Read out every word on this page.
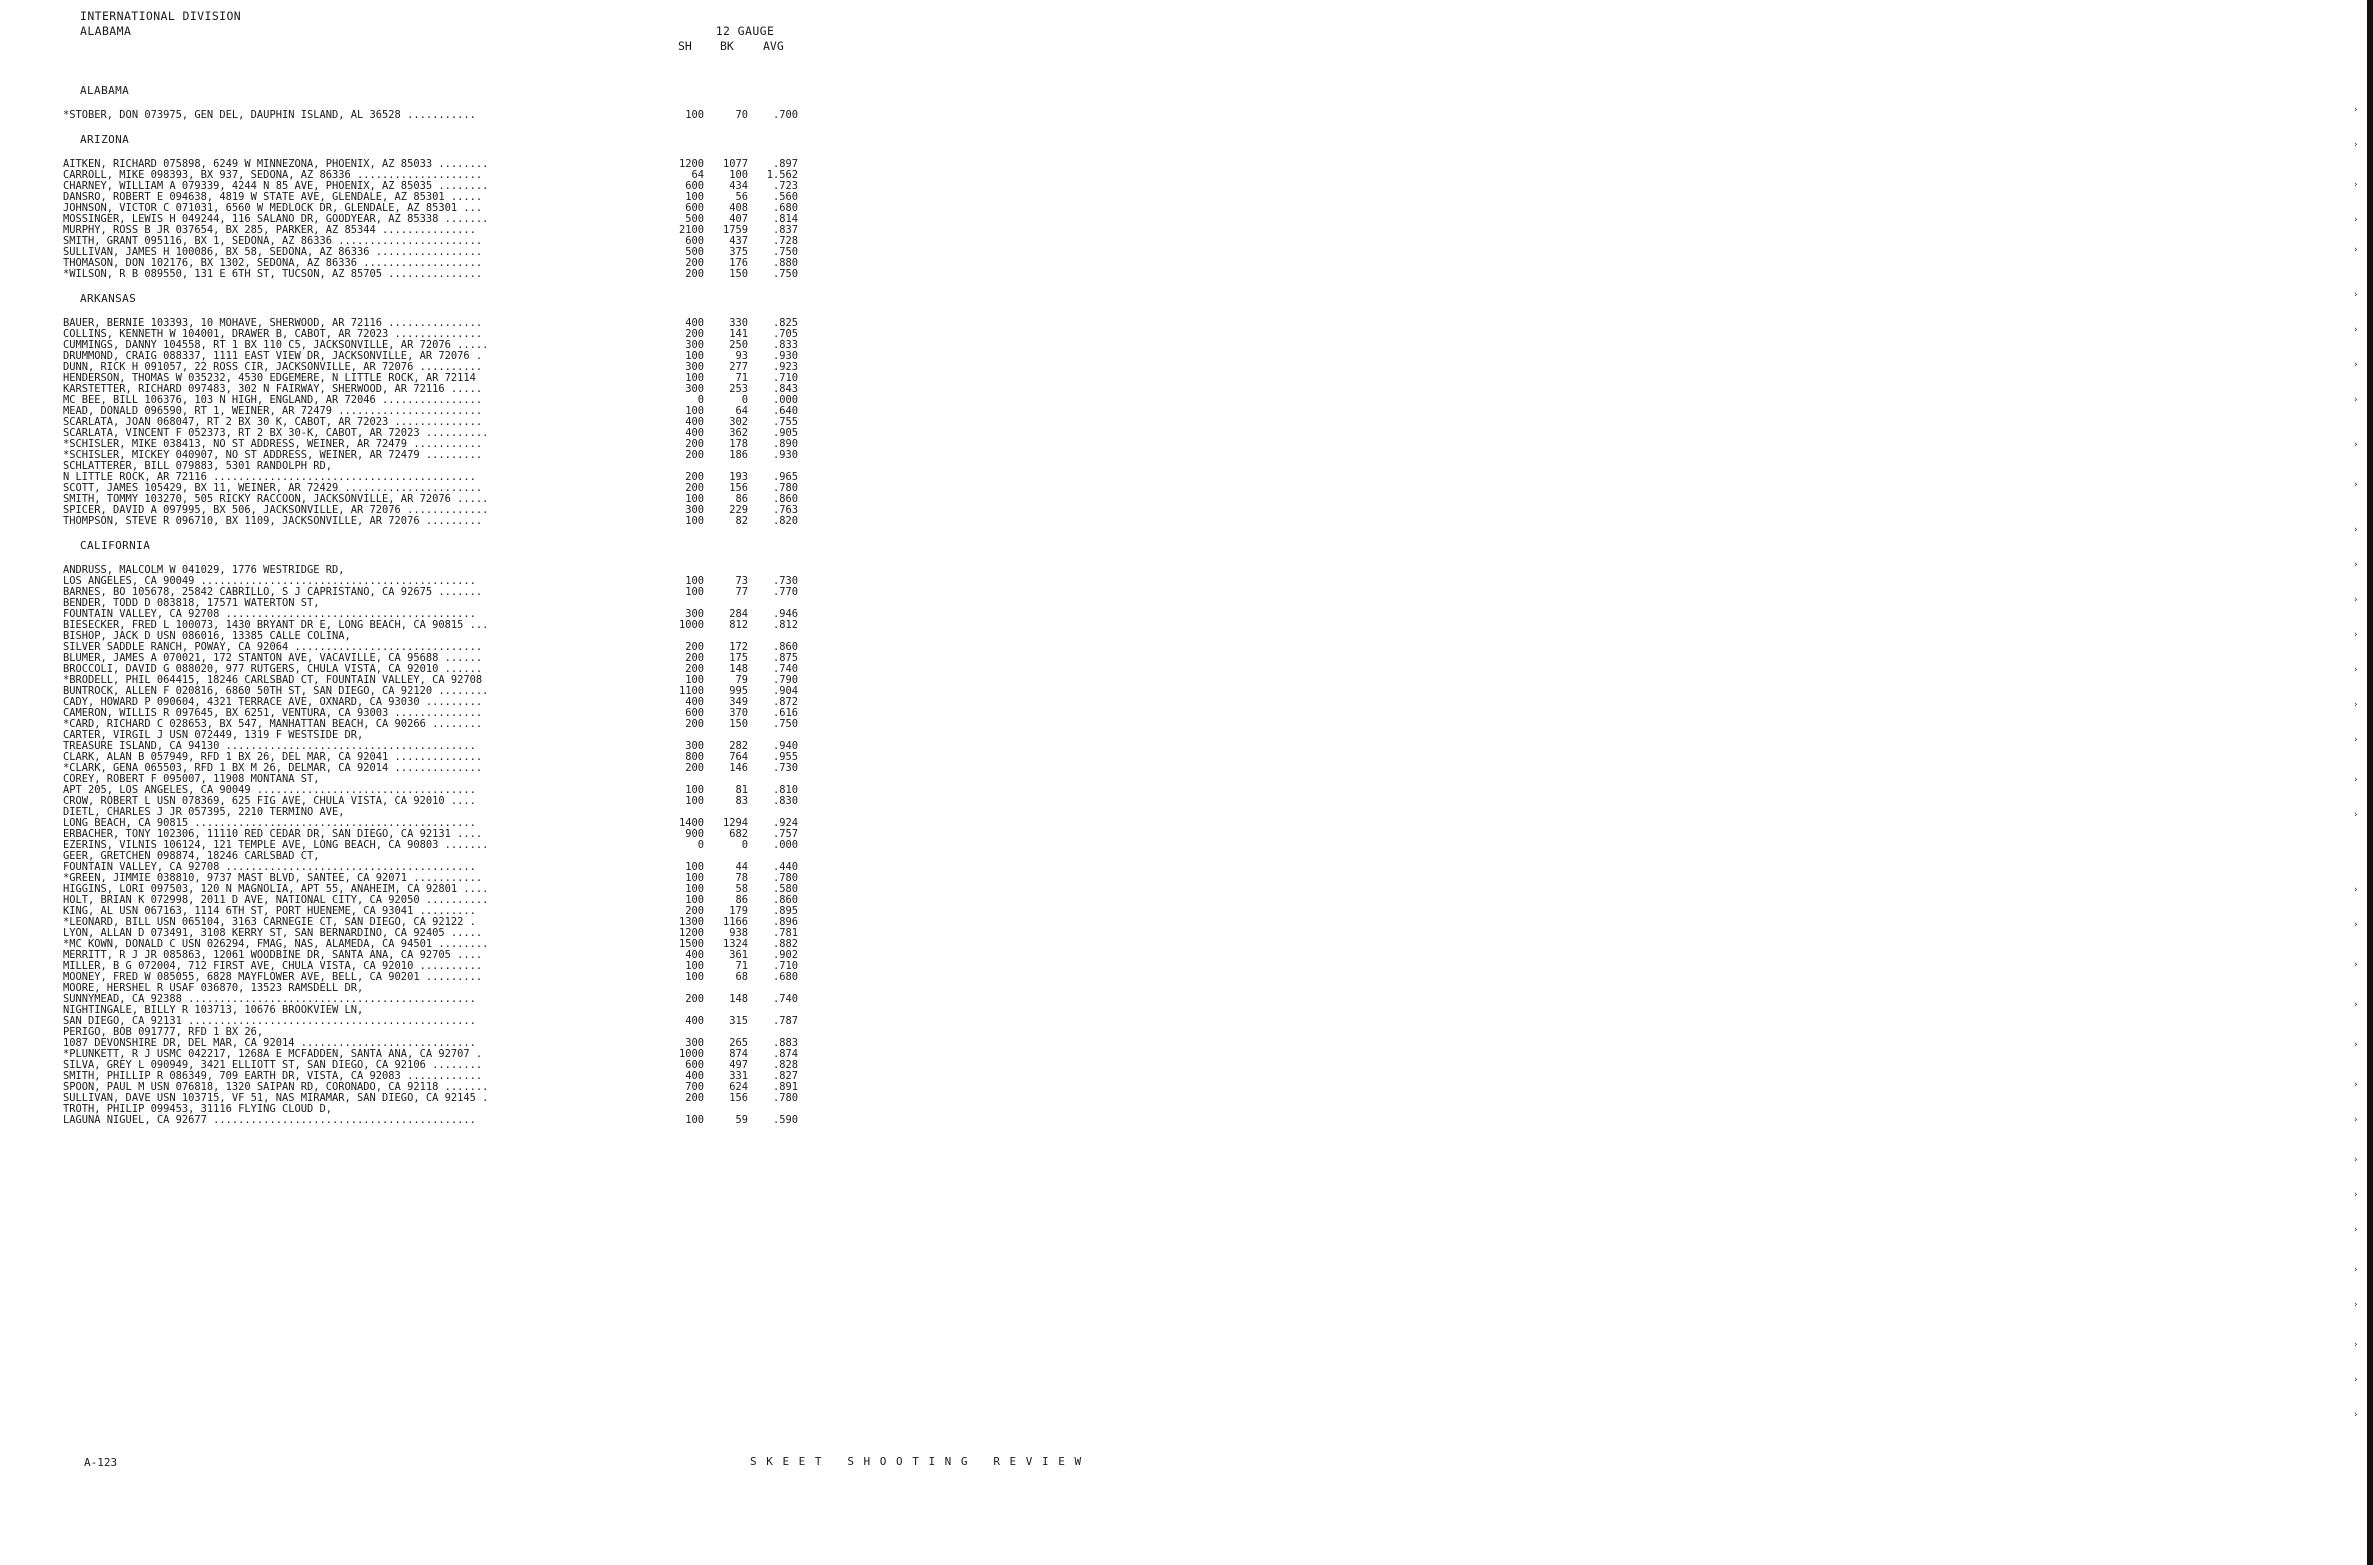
INTERNATIONAL DIVISION
ALABAMA	12 GAUGE
SH BK	AVG
ALABAMA
*STOBER, DON 073975, GEN DEL, DAUPHIN ISLAND, AL 36528 ...........	100	70	.700
ARIZONA
AITKEN, RICHARD 075898, 6249 W MINNEZONA, PHOENIX, AZ 85033 ........	1200	1077	.897
CARROLL, MIKE 098393, BX 937, SEDONA, AZ 86336 ....................	64	100	1.562
CHARNEY, WILLIAM A 079339, 4244 N 85 AVE, PHOENIX, AZ 85035 ........	600	434	.723
DANSRO, ROBERT E 094638, 4819 W STATE AVE, GLENDALE, AZ 85301 .....	100	56	.560
JOHNSON, VICTOR C 071031, 6560 W MEDLOCK DR, GLENDALE, AZ 85301 ...	600	408	.680
MOSSINGER, LEWIS H 049244, 116 SALANO DR, GOODYEAR, AZ 85338 .......	500	407	.814
MURPHY, ROSS B JR 037654, BX 285, PARKER, AZ 85344 ...............	2100	1759	.837
SMITH, GRANT 095116, BX 1, SEDONA, AZ 86336 .......................	600	437	.728
SULLIVAN, JAMES H 100086, BX 58, SEDONA, AZ 86336 .................	500	375	.750
THOMASON, DON 102176, BX 1302, SEDONA, AZ 86336 ...................	200	176	.880
*WILSON, R B 089550, 131 E 6TH ST, TUCSON, AZ 85705 ...............	200	150	.750
ARKANSAS
BAUER, BERNIE 103393, 10 MOHAVE, SHERWOOD, AR 72116 ...............	400	330	.825
COLLINS, KENNETH W 104001, DRAWER B, CABOT, AR 72023 ..............	200	141	.705
CUMMINGS, DANNY 104558, RT 1 BX 110 C5, JACKSONVILLE, AR 72076 .....	300	250	.833
DRUMMOND, CRAIG 088337, 1111 EAST VIEW DR, JACKSONVILLE, AR 72076 .	100	93	.930
DUNN, RICK H 091057, 22 ROSS CIR, JACKSONVILLE, AR 72076 ..........	300	277	.923
HENDERSON, THOMAS W 035232, 4530 EDGEMERE, N LITTLE ROCK, AR 72114	100	71	.710
KARSTETTER, RICHARD 097483, 302 N FAIRWAY, SHERWOOD, AR 72116 .....	300	253	.843
MC BEE, BILL 106376, 103 N HIGH, ENGLAND, AR 72046 ................	0	0	.000
MEAD, DONALD 096590, RT 1, WEINER, AR 72479 .......................	100	64	.640
SCARLATA, JOAN 068047, RT 2 BX 30 K, CABOT, AR 72023 ..............	400	302	.755
SCARLATA, VINCENT F 052373, RT 2 BX 30-K, CABOT, AR 72023 ..........	400	362	.905
*SCHISLER, MIKE 038413, NO ST ADDRESS, WEINER, AR 72479 ...........	200	178	.890
*SCHISLER, MICKEY 040907, NO ST ADDRESS, WEINER, AR 72479 .........	200	186	.930
SCHLATTERER, BILL 079883, 5301 RANDOLPH RD,
N LITTLE ROCK, AR 72116 ..........................................	200	193	.965
SCOTT, JAMES 105429, BX 11, WEINER, AR 72429 ......................	200	156	.780
SMITH, TOMMY 103270, 505 RICKY RACCOON, JACKSONVILLE, AR 72076 .....	100	86	.860
SPICER, DAVID A 097995, BX 506, JACKSONVILLE, AR 72076 .............	300	229	.763
THOMPSON, STEVE R 096710, BX 1109, JACKSONVILLE, AR 72076 .........	100	82	.820
CALIFORNIA
ANDRUSS, MALCOLM W 041029, 1776 WESTRIDGE RD,
LOS ANGELES, CA 90049 ............................................	100	73	.730
BARNES, BO 105678, 25842 CABRILLO, S J CAPRISTANO, CA 92675 .......	100	77	.770
BENDER, TODD D 083818, 17571 WATERTON ST,
FOUNTAIN VALLEY, CA 92708 ........................................	300	284	.946
BIESECKER, FRED L 100073, 1430 BRYANT DR E, LONG BEACH, CA 90815 ...	1000	812	.812
BISHOP, JACK D USN 086016, 13385 CALLE COLINA,
SILVER SADDLE RANCH, POWAY, CA 92064 ..............................	200	172	.860
BLUMER, JAMES A 070021, 172 STANTON AVE, VACAVILLE, CA 95688 ......	200	175	.875
BROCCOLI, DAVID G 088020, 977 RUTGERS, CHULA VISTA, CA 92010 ......	200	148	.740
*BRODELL, PHIL 064415, 18246 CARLSBAD CT, FOUNTAIN VALLEY, CA 92708	100	79	.790
BUNTROCK, ALLEN F 020816, 6860 50TH ST, SAN DIEGO, CA 92120 ........	1100	995	.904
CADY, HOWARD P 090604, 4321 TERRACE AVE, OXNARD, CA 93030 .........	400	349	.872
CAMERON, WILLIS R 097645, BX 6251, VENTURA, CA 93003 ..............	600	370	.616
*CARD, RICHARD C 028653, BX 547, MANHATTAN BEACH, CA 90266 ........	200	150	.750
CARTER, VIRGIL J USN 072449, 1319 F WESTSIDE DR,
TREASURE ISLAND, CA 94130 ........................................	300	282	.940
CLARK, ALAN B 057949, RFD 1 BX 26, DEL MAR, CA 92041 ..............	800	764	.955
*CLARK, GENA 065503, RFD 1 BX M 26, DELMAR, CA 92014 ..............	200	146	.730
COREY, ROBERT F 095007, 11908 MONTANA ST,
APT 205, LOS ANGELES, CA 90049 ...................................	100	81	.810
CROW, ROBERT L USN 078369, 625 FIG AVE, CHULA VISTA, CA 92010 ....	100	83	.830
DIETL, CHARLES J JR 057395, 2210 TERMINO AVE,
LONG BEACH, CA 90815 .............................................	1400	1294	.924
ERBACHER, TONY 102306, 11110 RED CEDAR DR, SAN DIEGO, CA 92131 ....	900	682	.757
EZERINS, VILNIS 106124, 121 TEMPLE AVE, LONG BEACH, CA 90803 .......	0	0	.000
GEER, GRETCHEN 098874, 18246 CARLSBAD CT,
FOUNTAIN VALLEY, CA 92708 ........................................	100	44	.440
*GREEN, JIMMIE 038810, 9737 MAST BLVD, SANTEE, CA 92071 ...........	100	78	.780
HIGGINS, LORI 097503, 120 N MAGNOLIA, APT 55, ANAHEIM, CA 92801 ....	100	58	.580
HOLT, BRIAN K 072998, 2011 D AVE, NATIONAL CITY, CA 92050 ..........	100	86	.860
KING, AL USN 067163, 1114 6TH ST, PORT HUENEME, CA 93041 .........	200	179	.895
*LEONARD, BILL USN 065104, 3163 CARNEGIE CT, SAN DIEGO, CA 92122 .	1300	1166	.896
LYON, ALLAN D 073491, 3108 KERRY ST, SAN BERNARDINO, CA 92405 .....	1200	938	.781
*MC KOWN, DONALD C USN 026294, FMAG, NAS, ALAMEDA, CA 94501 ........	1500	1324	.882
MERRITT, R J JR 085863, 12061 WOODBINE DR, SANTA ANA, CA 92705 ....	400	361	.902
MILLER, B G 072004, 712 FIRST AVE, CHULA VISTA, CA 92010 ..........	100	71	.710
MOONEY, FRED W 085055, 6828 MAYFLOWER AVE, BELL, CA 90201 .........	100	68	.680
MOORE, HERSHEL R USAF 036870, 13523 RAMSDELL DR,
SUNNYMEAD, CA 92388 ..............................................	200	148	.740
NIGHTINGALE, BILLY R 103713, 10676 BROOKVIEW LN,
SAN DIEGO, CA 92131 ..............................................	400	315	.787
PERIGO, BOB 091777, RFD 1 BX 26,
1087 DEVONSHIRE DR, DEL MAR, CA 92014 ............................	300	265	.883
*PLUNKETT, R J USMC 042217, 1268A E MCFADDEN, SANTA ANA, CA 92707 .	1000	874	.874
SILVA, GREY L 090949, 3421 ELLIOTT ST, SAN DIEGO, CA 92106 ........	600	497	.828
SMITH, PHILLIP R 086349, 709 EARTH DR, VISTA, CA 92083 ............	400	331	.827
SPOON, PAUL M USN 076818, 1320 SAIPAN RD, CORONADO, CA 92118 .......	700	624	.891
SULLIVAN, DAVE USN 103715, VF 51, NAS MIRAMAR, SAN DIEGO, CA 92145 .	200	156	.780
TROTH, PHILIP 099453, 31116 FLYING CLOUD D,
LAGUNA NIGUEL, CA 92677 ..........................................	100	59	.590
A-123	SKEET SHOOTING REVIEW
›
›
›
›
›
›
›
›
›
›
›
›
›
›
›
›
›
›
›
›
›
›
›
›
›
›
›
›
›
›
›
›
›
›
›
